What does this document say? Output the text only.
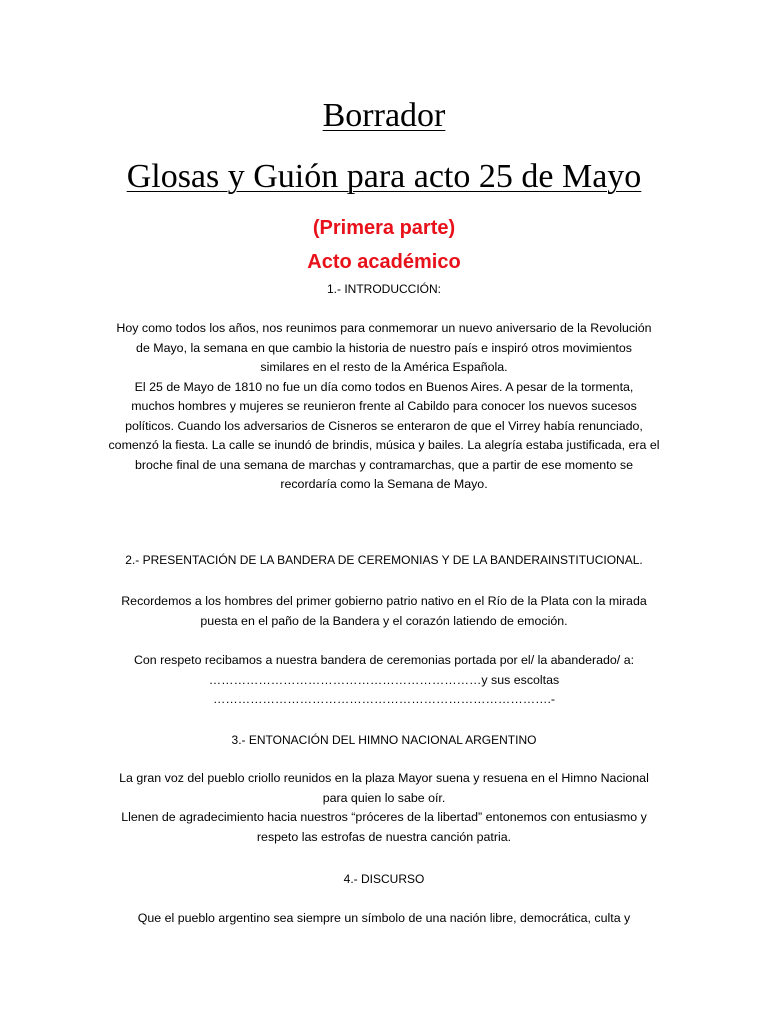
Borrador
Glosas y Guión para acto 25 de Mayo
(Primera parte)
Acto académico
1.- INTRODUCCIÓN:
Hoy como todos los años, nos reunimos para conmemorar un nuevo aniversario de la Revolución
de Mayo, la semana en que cambio la historia de nuestro país e inspiró otros movimientos
similares en el resto de la América Española.
El 25 de Mayo de 1810 no fue un día como todos en Buenos Aires. A pesar de la tormenta,
muchos hombres y mujeres se reunieron frente al Cabildo para conocer los nuevos sucesos
políticos. Cuando los adversarios de Cisneros se enteraron de que el Virrey había renunciado,
comenzó la fiesta. La calle se inundó de brindis, música y bailes. La alegría estaba justificada, era el
broche final de una semana de marchas y contramarchas, que a partir de ese momento se
recordaría como la Semana de Mayo.
2.- PRESENTACIÓN DE LA BANDERA DE CEREMONIAS Y DE LA BANDERAINSTITUCIONAL.
Recordemos a los hombres del primer gobierno patrio nativo en el Río de la Plata con la mirada
puesta en el paño de la Bandera y el corazón latiendo de emoción.
Con respeto recibamos a nuestra bandera de ceremonias portada por el/ la abanderado/ a:
…………………………………………………………y sus escoltas
……………………………………………………………………….-
3.- ENTONACIÓN DEL HIMNO NACIONAL ARGENTINO
La gran voz del pueblo criollo reunidos en la plaza Mayor suena y resuena en el Himno Nacional
para quien lo sabe oír.
Llenen de agradecimiento hacia nuestros “próceres de la libertad” entonemos con entusiasmo y
respeto las estrofas de nuestra canción patria.
4.- DISCURSO
Que el pueblo argentino sea siempre un símbolo de una nación libre, democrática, culta y
